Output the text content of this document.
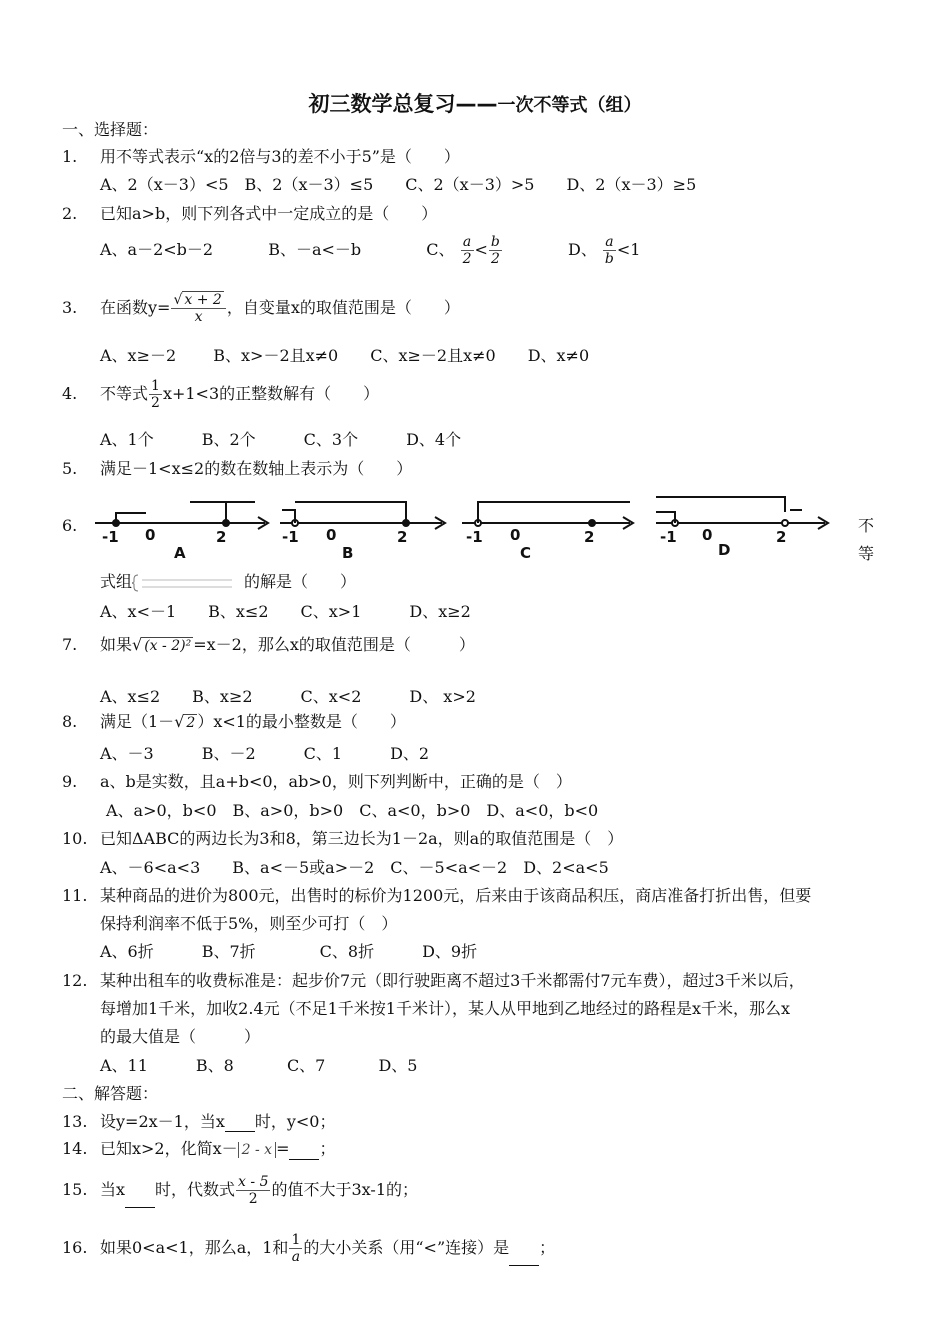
初三数学总复习——一次不等式（组）
一、选择题：
1. 用不等式表示“x的2倍与3的差不小于5”是（　　）
A、2（x－3）<5　B、2（x－3）≤5　　C、2（x－3）>5　　D、2（x－3）≥5
2. 已知a>b，则下列各式中一定成立的是（　　）
A、a－2<b－2	B、－a<－b	C、 $\frac{a}{2} < \frac{b}{2}$	D、 $\frac{a}{b} <1$
3. 在函数$y= \frac{√ x + 2}{x}$ ，自变量x的取值范围是（　　）
A、x≥－2　　 B、x>－2且x≠0　　C、x≥－2且x≠0　　D、x≠0
4. 不等式 $\frac{1}{2} x+1<3$的正整数解有（　　）
A、1个　　　B、2个　　　C、3个　　　D、4个
5. 满足－1<x≤2的数在数轴上表示为（　　）
6.	不
等
-1 0	2
A
-1 0	2
B
-1 0	2
C
-1 0	2
D
式组	的解是（　　）
A、x<－1　　B、x≤2　　C、x>1　　　D、x≥2
7. 如果√ (x - 2)² =x－2，那么x的取值范围是（　　　）
A、x≤2　　B、x≥2　　　C、x<2　　　D、 x>2
8. 满足（1－√ 2 ）x<1的最小整数是（　　）
A、－3　　　B、－2　　　C、1　　　D、2
9. a、b是实数，且a+b<0，ab>0，则下列判断中，正确的是（　）
A、a>0，b<0　B、a>0，b>0　C、a<0，b>0　D、a<0，b<0
10. 已知ΔABC的两边长为3和8，第三边长为1－2a，则a的取值范围是（　）
A、－6<a<3　　B、a<－5或a>－2　C、－5<a<－2　D、2<a<5
11. 某种商品的进价为800元，出售时的标价为1200元，后来由于该商品积压，商店准备打折出售，但要
保持利润率不低于5%，则至少可打（　）
A、6折　　　B、7折　　　　C、8折　　　D、9折
12. 某种出租车的收费标准是：起步价7元（即行驶距离不超过3千米都需付7元车费），超过3千米以后，
每增加1千米，加收2.4元（不足1千米按1千米计），某人从甲地到乙地经过的路程是x千米，那么x
的最大值是（　　　）
A、11　　　B、8　　　 C、7　　　 D、5
二、解答题：
13. 设y=2x－1，当x 时，y<0；
14. 已知x>2，化简x－ 2 - x = ；
15. 当x 时，代数式 $\frac{x - 5}{2}$ 的值不大于3x-1的；
16. 如果0<a<1，那么a，1和 $\frac{1}{a}$ 的大小关系（用“<”连接）是 ；
